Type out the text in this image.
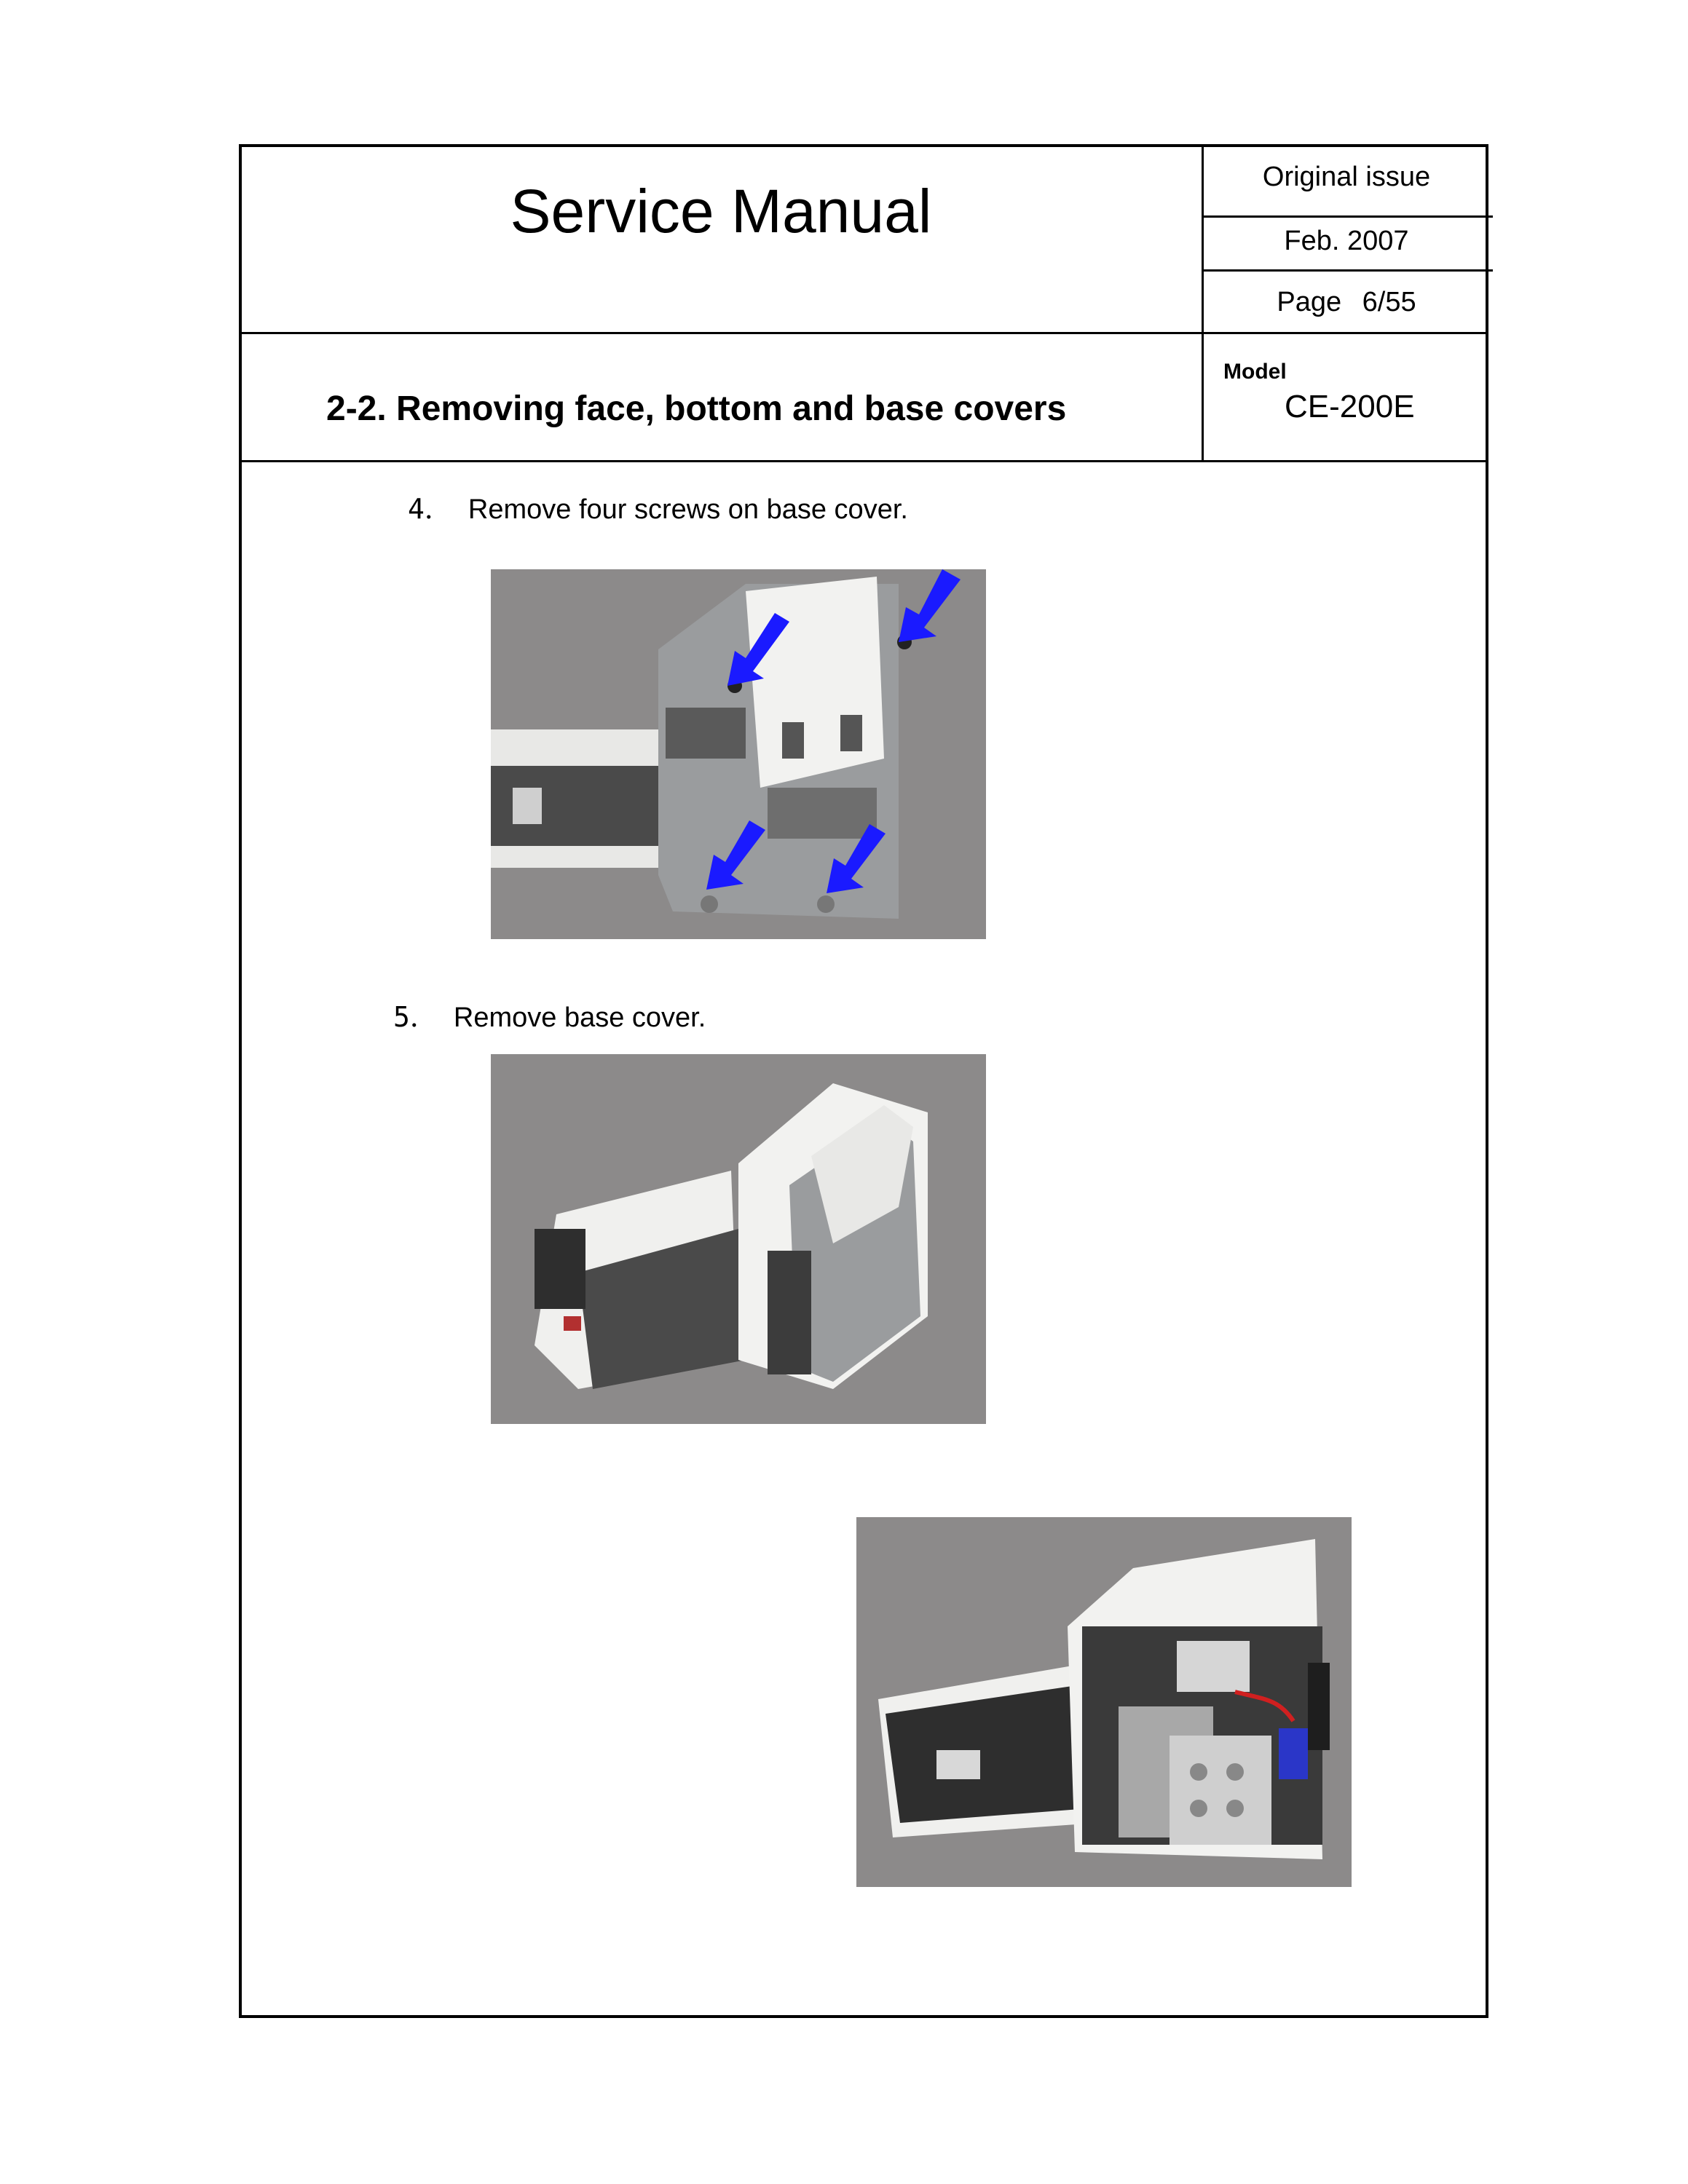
Service Manual	Original issue
Feb. 2007
Page 6/55
2-2. Removing face, bottom and base covers
Model
CE-200E
4． Remove four screws on base cover.
5． Remove base cover.
